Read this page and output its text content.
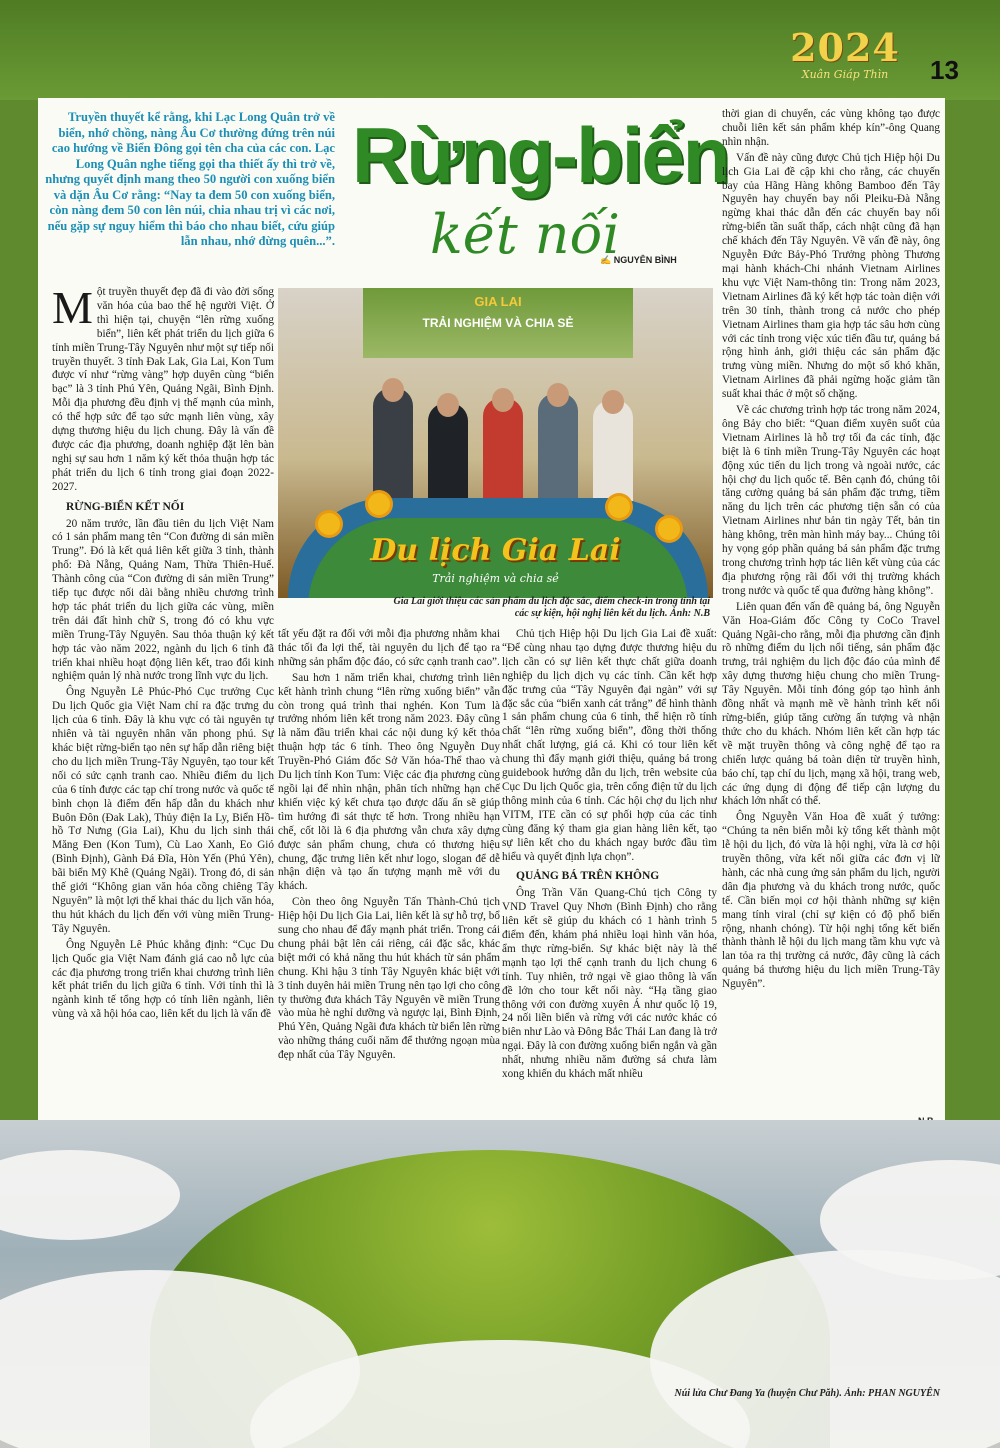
2024
Xuân Giáp Thìn	13
Truyền thuyết kể rằng, khi Lạc Long Quân trở về biển, nhớ chồng, nàng Âu Cơ thường đứng trên núi cao hướng về Biển Đông gọi tên cha của các con. Lạc Long Quân nghe tiếng gọi tha thiết ấy thì trở về, nhưng quyết định mang theo 50 người con xuống biển và dặn Âu Cơ rằng: “Nay ta đem 50 con xuống biển, còn nàng đem 50 con lên núi, chia nhau trị vì các nơi, nếu gặp sự nguy hiểm thì báo cho nhau biết, cứu giúp lẫn nhau, nhớ đừng quên...”.
Rừng-biển
kết nối
✍ NGUYÊN BÌNH

Một truyền thuyết đẹp đã đi vào đời sống văn hóa của bao thế hệ người Việt. Ở thì hiện tại, chuyện “lên rừng xuống biển”, liên kết phát triển du lịch giữa 6 tỉnh miền Trung-Tây Nguyên như một sự tiếp nối truyền thuyết. 3 tỉnh Đak Lak, Gia Lai, Kon Tum được ví như “rừng vàng” hợp duyên cùng “biển bạc” là 3 tỉnh Phú Yên, Quảng Ngãi, Bình Định. Mỗi địa phương đều định vị thế mạnh của mình, có thể hợp sức để tạo sức mạnh liên vùng, xây dựng thương hiệu du lịch chung. Đây là vấn đề được các địa phương, doanh nghiệp đặt lên bàn nghị sự sau hơn 1 năm ký kết thỏa thuận hợp tác phát triển du lịch 6 tỉnh trong giai đoạn 2022-2027.

RỪNG-BIỂN KẾT NỐI

20 năm trước, lần đầu tiên du lịch Việt Nam có 1 sản phẩm mang tên “Con đường di sản miền Trung”. Đó là kết quả liên kết giữa 3 tỉnh, thành phố: Đà Nẵng, Quảng Nam, Thừa Thiên-Huế. Thành công của “Con đường di sản miền Trung” tiếp tục được nối dài bằng nhiều chương trình hợp tác phát triển du lịch giữa các vùng, miền trên dải đất hình chữ S, trong đó có khu vực miền Trung-Tây Nguyên. Sau thỏa thuận ký kết hợp tác vào năm 2022, ngành du lịch 6 tỉnh đã triển khai nhiều hoạt động liên kết, trao đổi kinh nghiệm quản lý nhà nước trong lĩnh vực du lịch.

Ông Nguyễn Lê Phúc-Phó Cục trưởng Cục Du lịch Quốc gia Việt Nam chỉ ra đặc trưng du lịch của 6 tỉnh. Đây là khu vực có tài nguyên tự nhiên và tài nguyên nhân văn phong phú. Sự khác biệt rừng-biển tạo nên sự hấp dẫn riêng biệt cho du lịch miền Trung-Tây Nguyên, tạo tour kết nối có sức cạnh tranh cao. Nhiều điểm du lịch của 6 tỉnh được các tạp chí trong nước và quốc tế bình chọn là điểm đến hấp dẫn du khách như Buôn Đôn (Đak Lak), Thủy điện Ia Ly, Biển Hồ-hồ Tơ Nưng (Gia Lai), Khu du lịch sinh thái Măng Đen (Kon Tum), Cù Lao Xanh, Eo Gió (Bình Định), Gành Đá Đĩa, Hòn Yến (Phú Yên), bãi biển Mỹ Khê (Quảng Ngãi). Trong đó, di sản thế giới “Không gian văn hóa cồng chiêng Tây Nguyên” là một lợi thế khai thác du lịch văn hóa, thu hút khách du lịch đến với vùng miền Trung-Tây Nguyên.

Ông Nguyễn Lê Phúc khẳng định: “Cục Du lịch Quốc gia Việt Nam đánh giá cao nỗ lực của các địa phương trong triển khai chương trình liên kết phát triển du lịch giữa 6 tỉnh. Với tỉnh thì là ngành kinh tế tổng hợp có tính liên ngành, liên vùng và xã hội hóa cao, liên kết du lịch là vấn đề

GIA LAI
TRẢI NGHIỆM VÀ CHIA SẺ
Du lịch Gia Lai
Trải nghiệm và chia sẻ
Gia Lai giới thiệu các sản phẩm du lịch đặc sắc, điểm check-in trong tỉnh tại các sự kiện, hội nghị liên kết du lịch. Ảnh: N.B

tất yếu đặt ra đối với mỗi địa phương nhằm khai thác tối đa lợi thế, tài nguyên du lịch để tạo ra những sản phẩm độc đáo, có sức cạnh tranh cao”.

Sau hơn 1 năm triển khai, chương trình liên kết hành trình chung “lên rừng xuống biển” vẫn còn trong quá trình thai nghén. Kon Tum là trưởng nhóm liên kết trong năm 2023. Đây cũng là năm đầu triển khai các nội dung ký kết thỏa thuận hợp tác 6 tỉnh. Theo ông Nguyễn Duy Truyền-Phó Giám đốc Sở Văn hóa-Thể thao và Du lịch tỉnh Kon Tum: Việc các địa phương cùng ngồi lại để nhìn nhận, phân tích những hạn chế khiến việc ký kết chưa tạo được dấu ấn sẽ giúp tìm hướng đi sát thực tế hơn. Trong nhiều hạn chế, cốt lõi là 6 địa phương vẫn chưa xây dựng được sản phẩm chung, chưa có thương hiệu chung, đặc trưng liên kết như logo, slogan để dễ nhận diện và tạo ấn tượng mạnh mẽ với du khách.

Còn theo ông Nguyễn Tấn Thành-Chủ tịch Hiệp hội Du lịch Gia Lai, liên kết là sự hỗ trợ, bổ sung cho nhau để đẩy mạnh phát triển. Trong cái chung phải bật lên cái riêng, cái đặc sắc, khác biệt mới có khả năng thu hút khách từ sản phẩm chung. Khi hậu 3 tỉnh Tây Nguyên khác biệt với 3 tỉnh duyên hải miền Trung nên tạo lợi cho công ty thường đưa khách Tây Nguyên về miền Trung vào mùa hè nghỉ dưỡng và ngược lại, Bình Định, Phú Yên, Quảng Ngãi đưa khách từ biển lên rừng vào những tháng cuối năm để thưởng ngoạn mùa đẹp nhất của Tây Nguyên.

Chủ tịch Hiệp hội Du lịch Gia Lai đề xuất: “Để cùng nhau tạo dựng được thương hiệu du lịch cần có sự liên kết thực chất giữa doanh nghiệp du lịch dịch vụ các tỉnh. Cần kết hợp đặc trưng của “Tây Nguyên đại ngàn” với sự đặc sắc của “biển xanh cát trắng” để hình thành 1 sản phẩm chung của 6 tỉnh, thể hiện rõ tính chất “lên rừng xuống biển”, đồng thời thống nhất chất lượng, giá cả. Khi có tour liên kết chung thì đẩy mạnh giới thiệu, quảng bá trong guidebook hướng dẫn du lịch, trên website của Cục Du lịch Quốc gia, trên cổng điện tử du lịch thông minh của 6 tỉnh. Các hội chợ du lịch như VITM, ITE cần có sự phối hợp của các tỉnh cùng đăng ký tham gia gian hàng liên kết, tạo sự liên kết cho du khách ngay bước đầu tìm hiểu và quyết định lựa chọn”.

QUẢNG BÁ TRÊN KHÔNG

Ông Trần Văn Quang-Chủ tịch Công ty VND Travel Quy Nhơn (Bình Định) cho rằng liên kết sẽ giúp du khách có 1 hành trình 5 điểm đến, khám phá nhiều loại hình văn hóa, ẩm thực rừng-biển. Sự khác biệt này là thế mạnh tạo lợi thế cạnh tranh du lịch chung 6 tỉnh. Tuy nhiên, trở ngại về giao thông là vấn đề lớn cho tour kết nối này. “Hạ tầng giao thông với con đường xuyên Á như quốc lộ 19, 24 nối liền biển và rừng với các nước khác có biên như Lào và Đông Bắc Thái Lan đang là trở ngại. Đây là con đường xuống biển ngắn và gần nhất, nhưng nhiều năm đường sá chưa làm xong khiến du khách mất nhiều

thời gian di chuyển, các vùng không tạo được chuỗi liên kết sản phẩm khép kín”-ông Quang nhìn nhận.

Vấn đề này cũng được Chủ tịch Hiệp hội Du lịch Gia Lai đề cập khi cho rằng, các chuyến bay của Hãng Hàng không Bamboo đến Tây Nguyên hay chuyến bay nối Pleiku-Đà Nẵng ngừng khai thác dẫn đến các chuyến bay nối rừng-biển tần suất thấp, cách nhật cũng đã hạn chế khách đến Tây Nguyên. Về vấn đề này, ông Nguyễn Đức Bảy-Phó Trưởng phòng Thương mại hành khách-Chi nhánh Vietnam Airlines khu vực Việt Nam-thông tin: Trong năm 2023, Vietnam Airlines đã ký kết hợp tác toàn diện với trên 30 tỉnh, thành trong cả nước cho phép Vietnam Airlines tham gia hợp tác sâu hơn cùng với các tỉnh trong việc xúc tiến đầu tư, quảng bá rộng hình ảnh, giới thiệu các sản phẩm đặc trưng vùng miền. Nhưng do một số khó khăn, Vietnam Airlines đã phải ngừng hoặc giảm tần suất khai thác ở một số chặng.

Về các chương trình hợp tác trong năm 2024, ông Bảy cho biết: “Quan điểm xuyên suốt của Vietnam Airlines là hỗ trợ tối đa các tỉnh, đặc biệt là 6 tỉnh miền Trung-Tây Nguyên các hoạt động xúc tiến du lịch trong và ngoài nước, các hội chợ du lịch quốc tế. Bên cạnh đó, chúng tôi tăng cường quảng bá sản phẩm đặc trưng, tiềm năng du lịch trên các phương tiện sẵn có của Vietnam Airlines như bản tin ngày Tết, bản tin hàng không, trên màn hình máy bay... Chúng tôi hy vọng góp phần quảng bá sản phẩm đặc trưng trong chương trình hợp tác liên kết vùng của các địa phương rộng rãi đối với thị trường khách trong nước và quốc tế qua đường hàng không”.

Liên quan đến vấn đề quảng bá, ông Nguyễn Văn Hoa-Giám đốc Công ty CoCo Travel Quảng Ngãi-cho rằng, mỗi địa phương cần định rõ những điểm du lịch nổi tiếng, sản phẩm đặc trưng, trải nghiệm du lịch độc đáo của mình để xây dựng thương hiệu chung cho miền Trung-Tây Nguyên. Mỗi tỉnh đóng góp tạo hình ảnh đồng nhất và mạnh mẽ về hành trình kết nối rừng-biển, giúp tăng cường ấn tượng và nhận thức cho du khách. Nhóm liên kết cần hợp tác về mặt truyền thông và công nghệ để tạo ra chiến lược quảng bá toàn diện từ truyền hình, báo chí, tạp chí du lịch, mạng xã hội, trang web, các ứng dụng di động để tiếp cận lượng du khách lớn nhất có thể.

Ông Nguyễn Văn Hoa đề xuất ý tưởng: “Chúng ta nên biến mỗi kỳ tổng kết thành một lễ hội du lịch, đó vừa là hội nghị, vừa là cơ hội truyền thông, vừa kết nối giữa các đơn vị lữ hành, các nhà cung ứng sản phẩm du lịch, người dân địa phương và du khách trong nước, quốc tế. Cần biến mọi cơ hội thành những sự kiện mang tính viral (chỉ sự kiện có độ phổ biến rộng, nhanh chóng). Từ hội nghị tổng kết biến thành thành lễ hội du lịch mang tầm khu vực và lan tỏa ra thị trường cả nước, đây cũng là cách quảng bá thương hiệu du lịch miền Trung-Tây Nguyên”.

Núi lửa Chư Đang Ya (huyện Chư Păh). Ảnh: PHAN NGUYÊN
